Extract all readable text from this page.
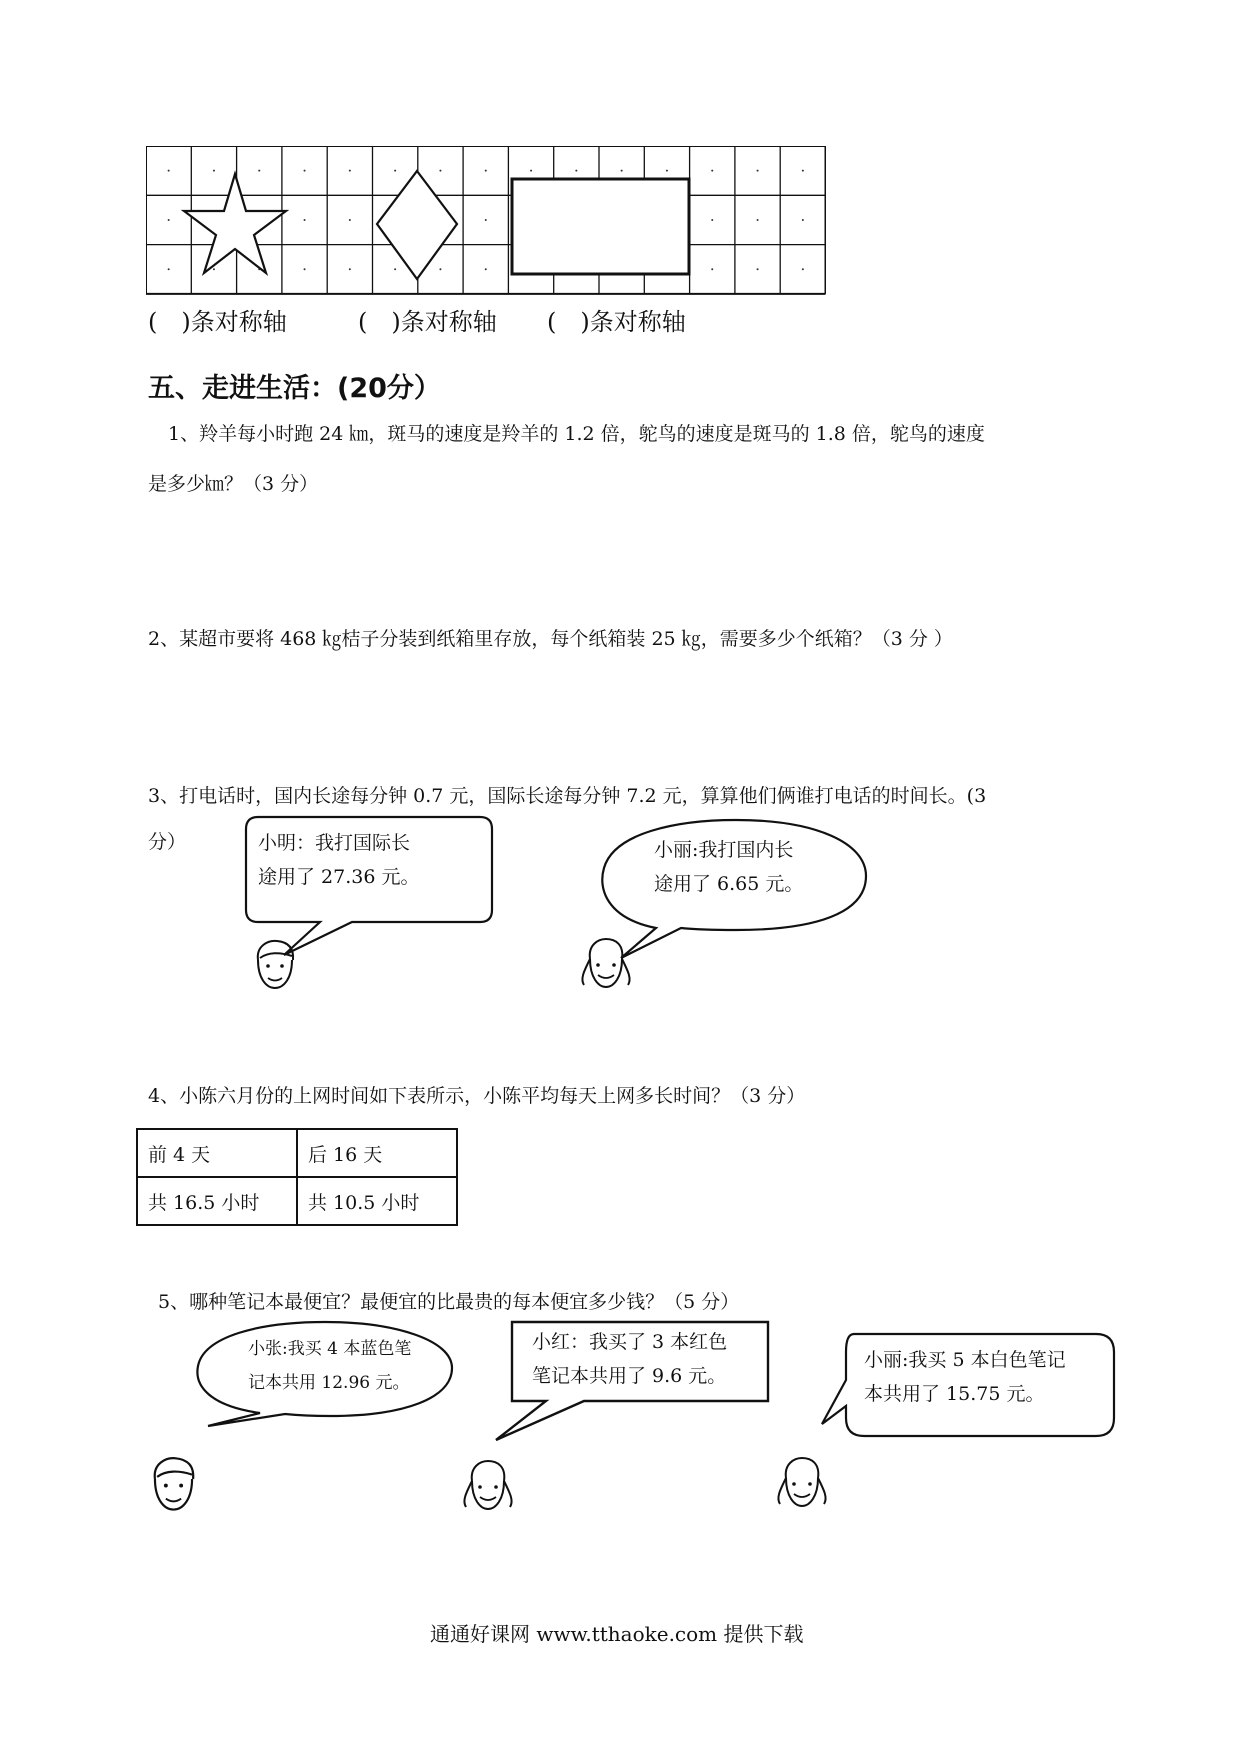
(　)条对称轴	(　)条对称轴 (　)条对称轴
五、走进生活：(20分）
1、羚羊每小时跑 24 ㎞，斑马的速度是羚羊的 1.2 倍，鸵鸟的速度是斑马的 1.8 倍，鸵鸟的速度
是多少㎞？（3 分）
2、某超市要将 468 ㎏桔子分装到纸箱里存放，每个纸箱装 25 ㎏，需要多少个纸箱？（3 分 ）
3、打电话时，国内长途每分钟 0.7 元，国际长途每分钟 7.2 元，算算他们俩谁打电话的时间长。(3
分）	小明：我打国际长
途用了 27.36 元。
小丽:我打国内长
途用了 6.65 元。
4、小陈六月份的上网时间如下表所示，小陈平均每天上网多长时间？（3 分）
前 4 天	后 16 天
共 16.5 小时	共 10.5 小时
5、哪种笔记本最便宜？最便宜的比最贵的每本便宜多少钱？（5 分）
小张:我买 4 本蓝色笔
记本共用 12.96 元。
小红：我买了 3 本红色
笔记本共用了 9.6 元。
小丽:我买 5 本白色笔记
本共用了 15.75 元。
通通好课网 www.tthaoke.com 提供下载
